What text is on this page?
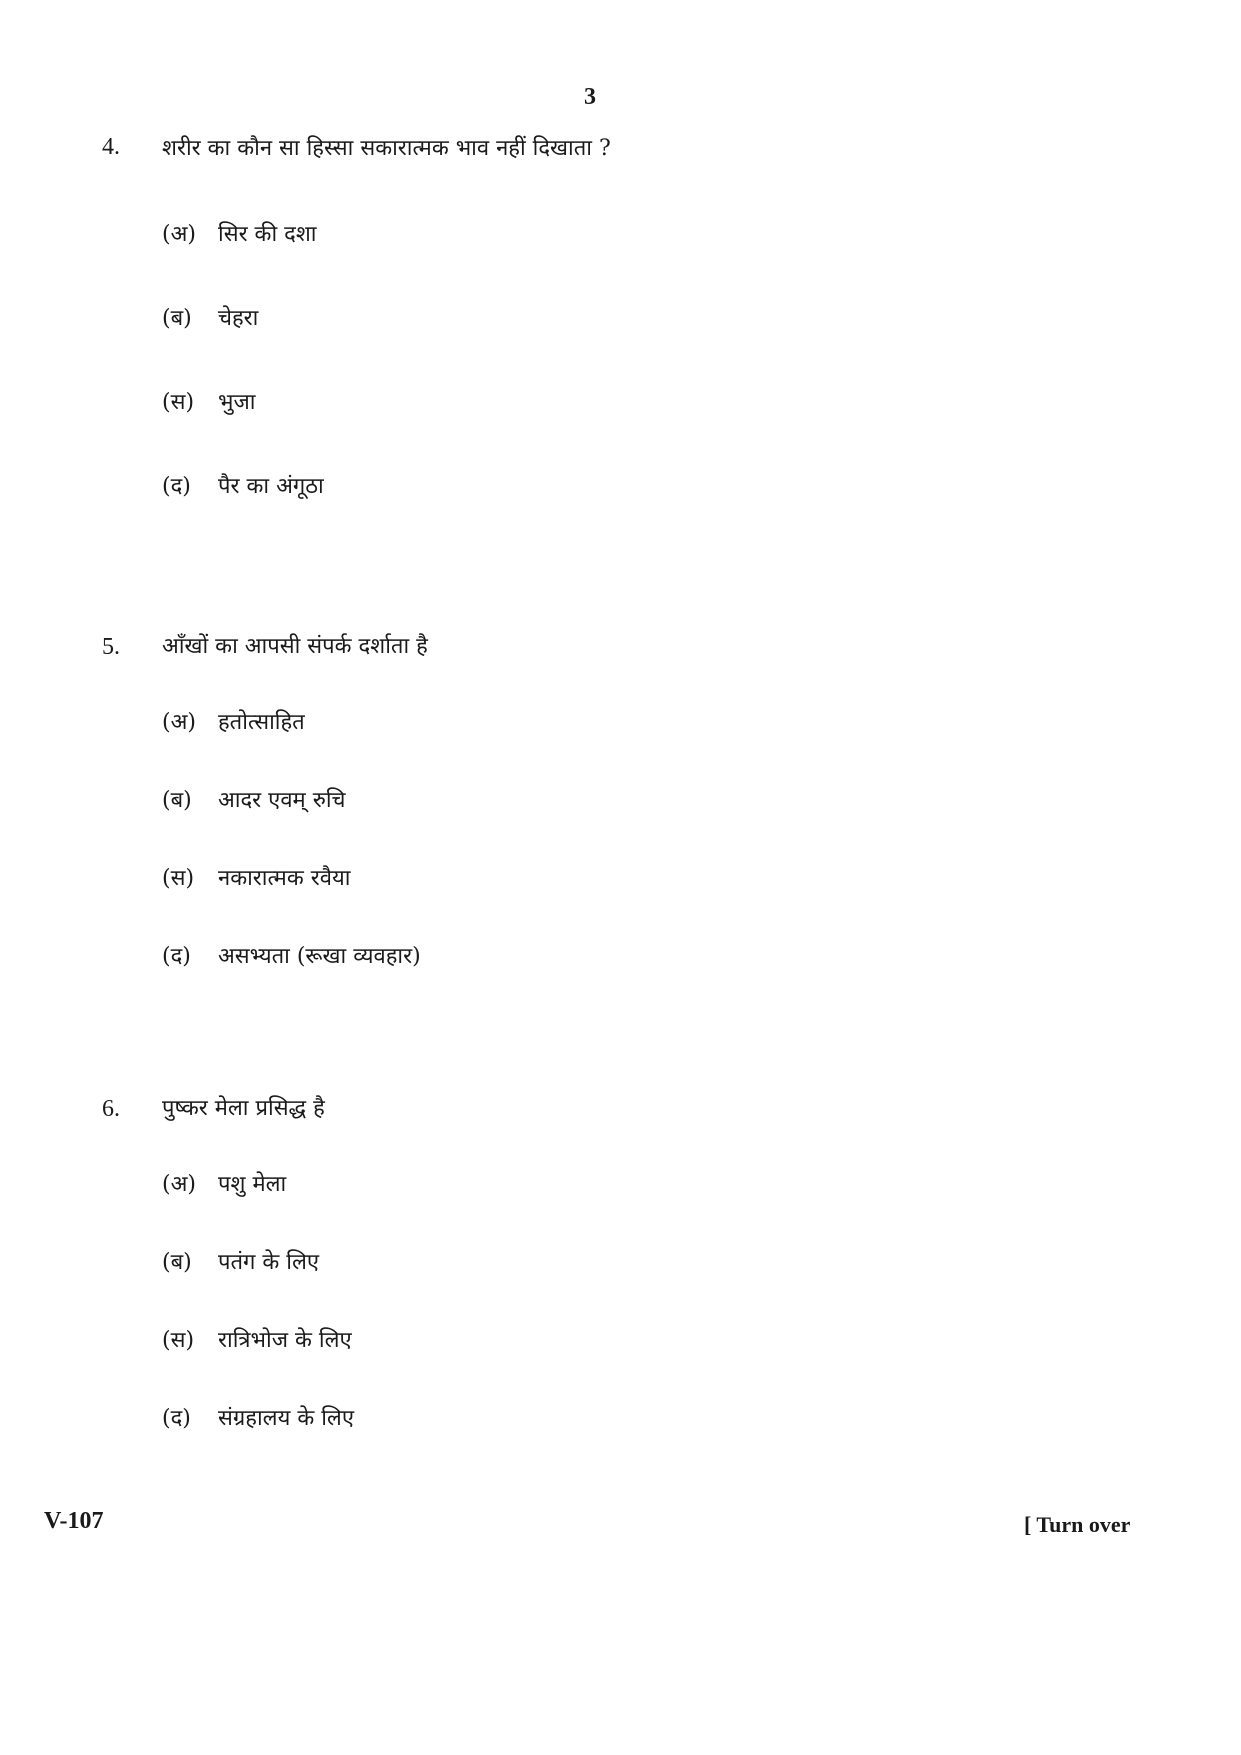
3
4. शरीर का कौन सा हिस्सा सकारात्मक भाव नहीं दिखाता ?
(अ) सिर की दशा
(ब) चेहरा
(स) भुजा
(द) पैर का अंगूठा
5. आँखों का आपसी संपर्क दर्शाता है
(अ) हतोत्साहित
(ब) आदर एवम् रुचि
(स) नकारात्मक रवैया
(द) असभ्यता (रूखा व्यवहार)
6. पुष्कर मेला प्रसिद्ध है
(अ) पशु मेला
(ब) पतंग के लिए
(स) रात्रिभोज के लिए
(द) संग्रहालय के लिए
V-107	[ Turn over
